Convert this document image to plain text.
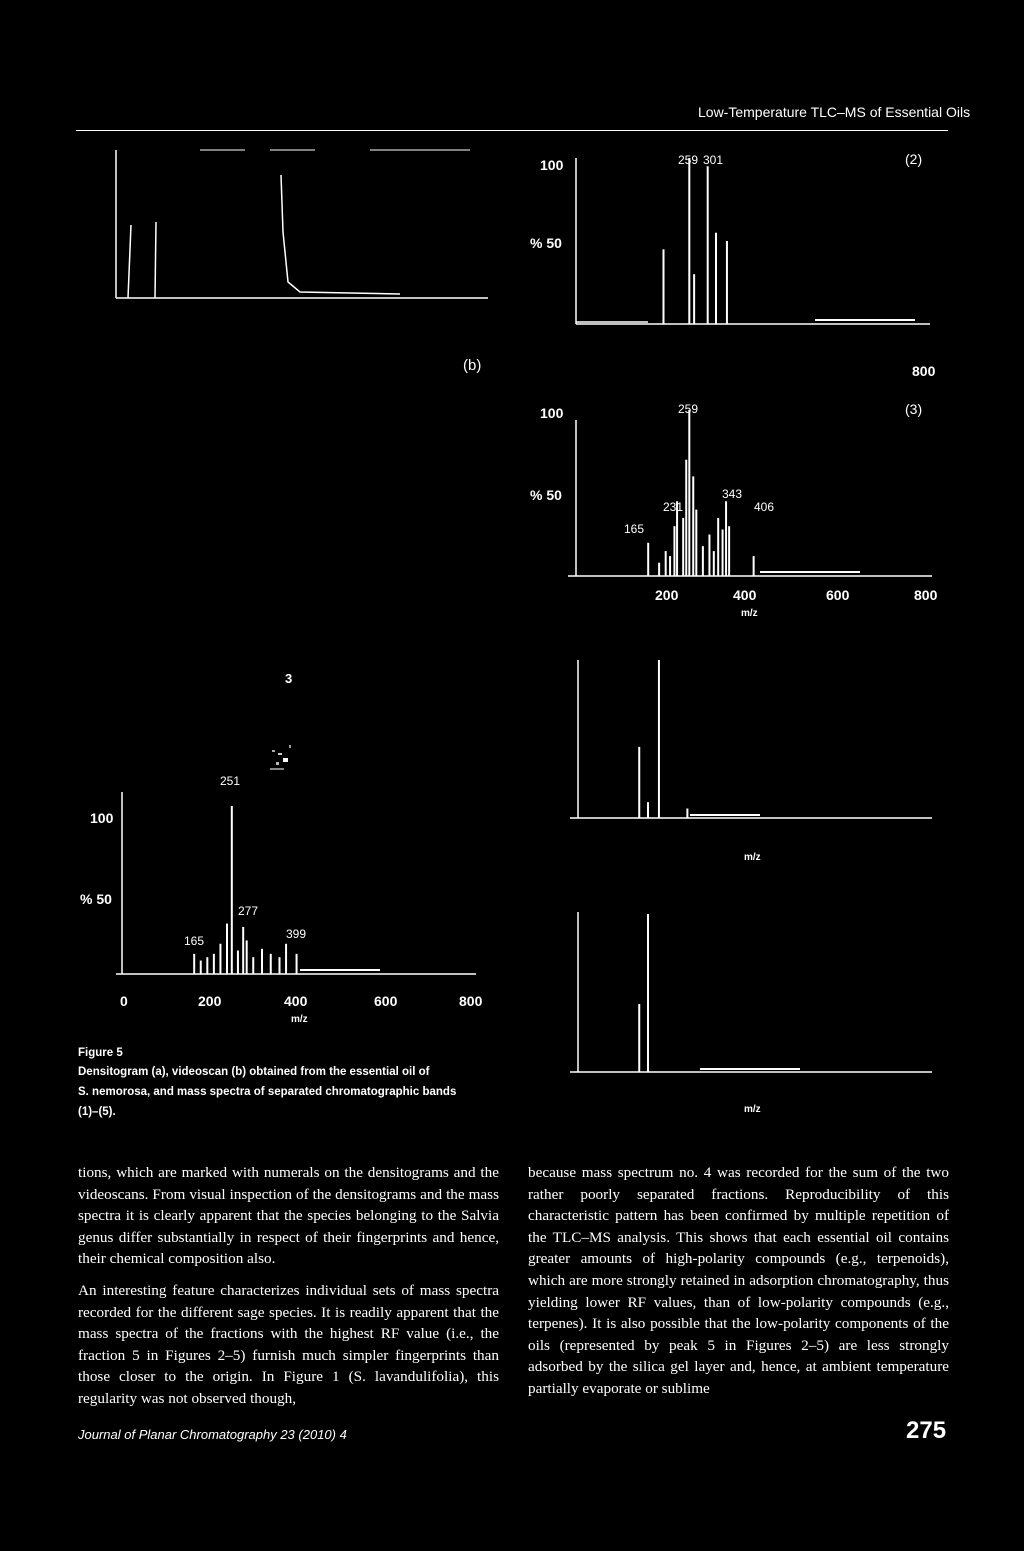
Low-Temperature TLC–MS of Essential Oils
(b)
3
100
% 50
259 301	(2)
800
100
% 50
165
231
259
343
406
(3)
200	400	600	800
m/z
100
% 50
165
251
277
399
0	200	400	600	800
m/z
m/z
m/z
Figure 5
Densitogram (a), videoscan (b) obtained from the essential oil of
S. nemorosa, and mass spectra of separated chromatographic bands
(1)–(5).

tions, which are marked with numerals on the densitograms and the videoscans. From visual inspection of the densitograms and the mass spectra it is clearly apparent that the species belonging to the Salvia genus differ substantially in respect of their fingerprints and hence, their chemical composition also.

An interesting feature characterizes individual sets of mass spectra recorded for the different sage species. It is readily apparent that the mass spectra of the fractions with the highest RF value (i.e., the fraction 5 in Figures 2–5) furnish much simpler fingerprints than those closer to the origin. In Figure 1 (S. lavandulifolia), this regularity was not observed though,

because mass spectrum no. 4 was recorded for the sum of the two rather poorly separated fractions. Reproducibility of this characteristic pattern has been confirmed by multiple repetition of the TLC–MS analysis. This shows that each essential oil contains greater amounts of high-polarity compounds (e.g., terpenoids), which are more strongly retained in adsorption chromatography, thus yielding lower RF values, than of low-polarity compounds (e.g., terpenes). It is also possible that the low-polarity components of the oils (represented by peak 5 in Figures 2–5) are less strongly adsorbed by the silica gel layer and, hence, at ambient temperature partially evaporate or sublime

Journal of Planar Chromatography 23 (2010) 4	275
